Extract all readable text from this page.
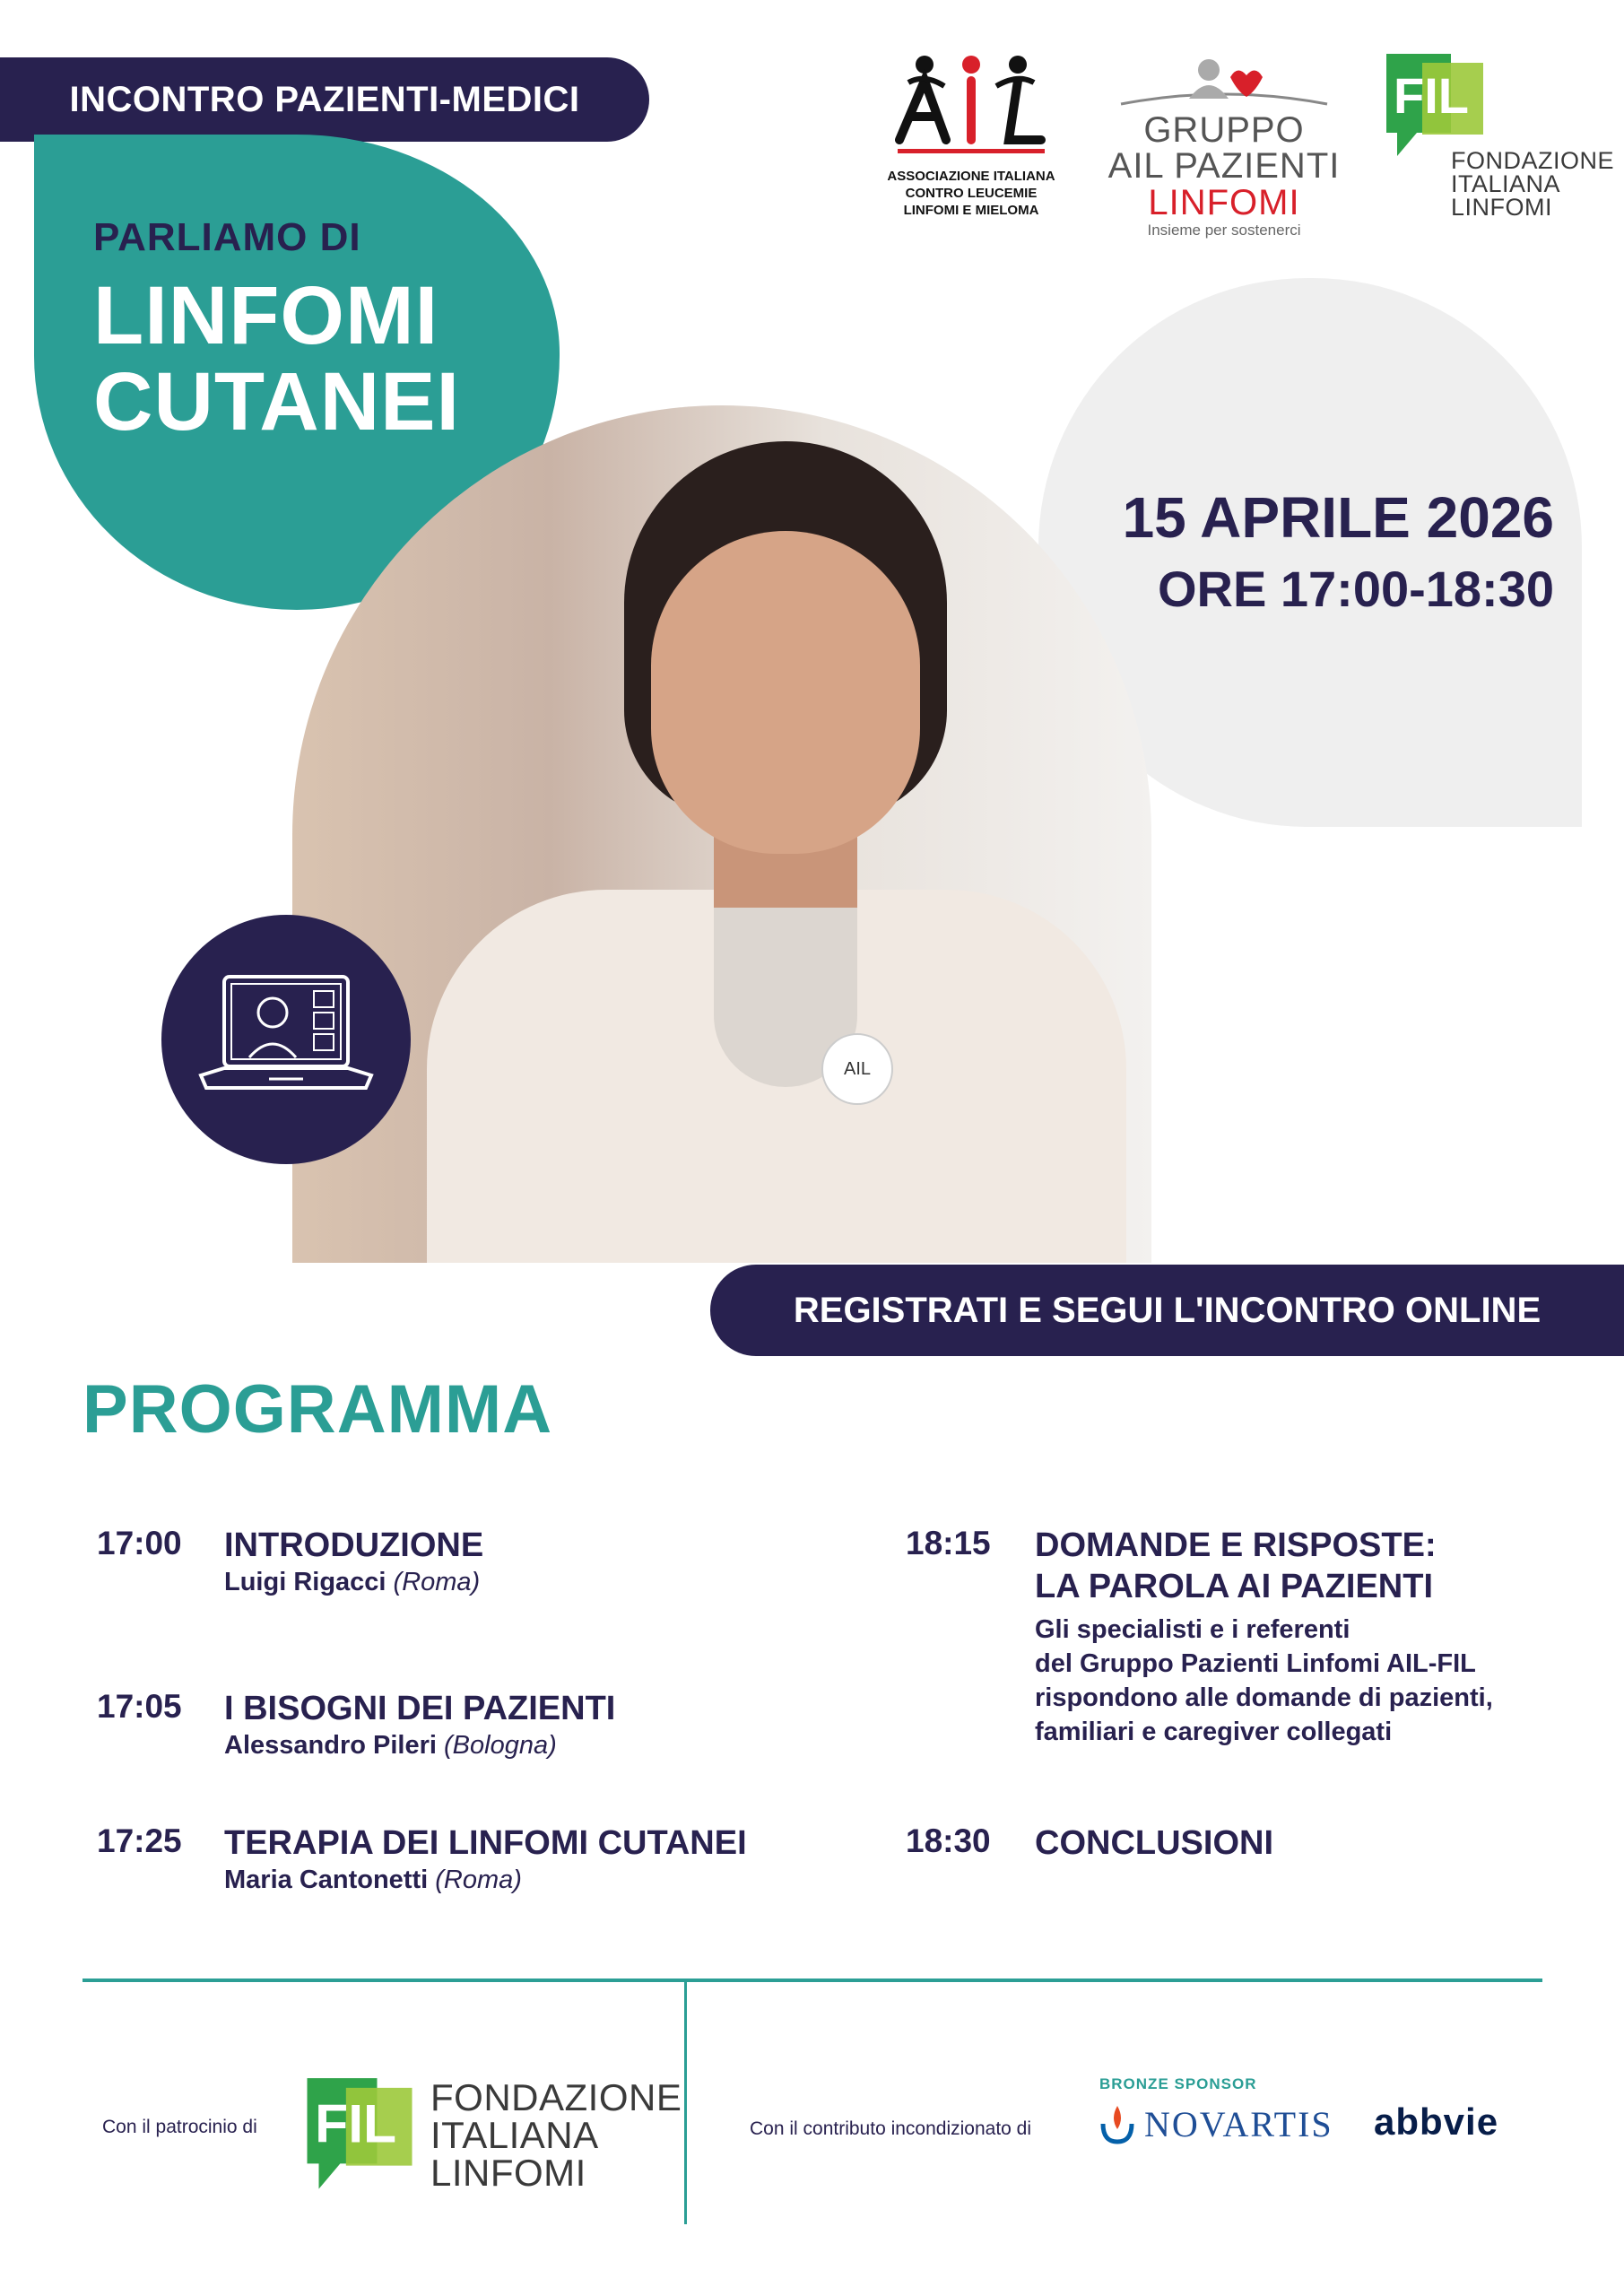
INCONTRO PAZIENTI-MEDICI
AIL
PARLIAMO DI
LINFOMI
CUTANEI
15 APRILE 2026
ORE 17:00-18:30
REGISTRATI E SEGUI L'INCONTRO ONLINE
ASSOCIAZIONE ITALIANA
CONTRO LEUCEMIE
LINFOMI E MIELOMA
GRUPPO
AIL PAZIENTI
LINFOMI
Insieme per sostenerci
FIL
FONDAZIONE
ITALIANA
LINFOMI
PROGRAMMA
17:00	INTRODUZIONE
Luigi Rigacci (Roma)
17:05	I BISOGNI DEI PAZIENTI
Alessandro Pileri (Bologna)
17:25	TERAPIA DEI LINFOMI CUTANEI
Maria Cantonetti (Roma)
18:15	DOMANDE E RISPOSTE:
LA PAROLA AI PAZIENTI
Gli specialisti e i referenti
del Gruppo Pazienti Linfomi AIL-FIL
rispondono alle domande di pazienti,
familiari e caregiver collegati
18:30	CONCLUSIONI
Con il patrocinio di FIL FONDAZIONE
ITALIANA
LINFOMI
Con il contributo incondizionato di
BRONZE SPONSOR
NOVARTIS abbvie
